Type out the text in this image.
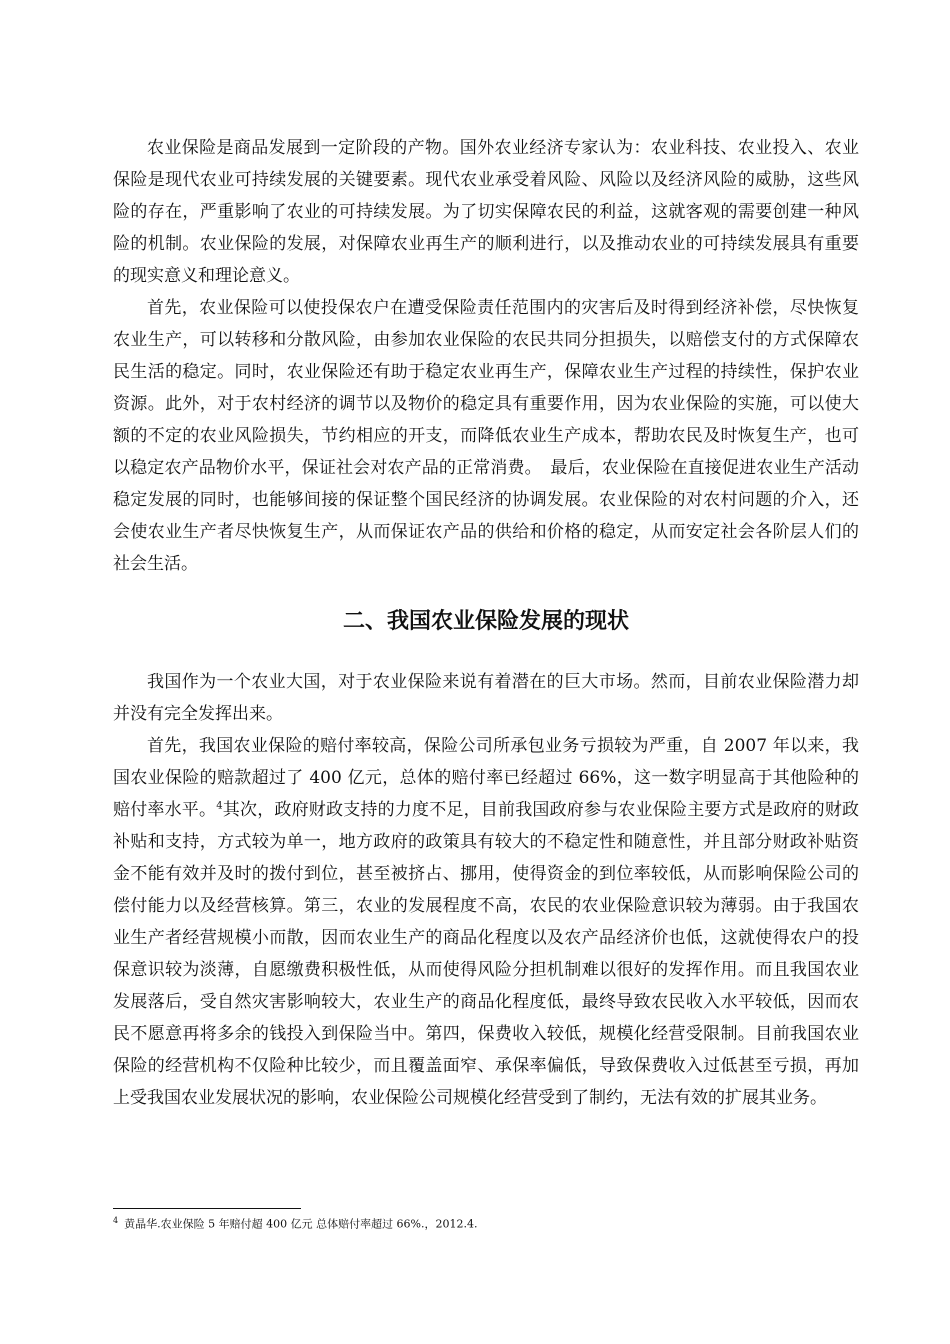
农业保险是商品发展到一定阶段的产物。国外农业经济专家认为：农业科技、农业投入、农业保险是现代农业可持续发展的关键要素。现代农业承受着风险、风险以及经济风险的威胁，这些风险的存在，严重影响了农业的可持续发展。为了切实保障农民的利益，这就客观的需要创建一种风险的机制。农业保险的发展，对保障农业再生产的顺利进行，以及推动农业的可持续发展具有重要的现实意义和理论意义。

首先，农业保险可以使投保农户在遭受保险责任范围内的灾害后及时得到经济补偿，尽快恢复农业生产，可以转移和分散风险，由参加农业保险的农民共同分担损失，以赔偿支付的方式保障农民生活的稳定。同时，农业保险还有助于稳定农业再生产，保障农业生产过程的持续性，保护农业资源。此外，对于农村经济的调节以及物价的稳定具有重要作用，因为农业保险的实施，可以使大额的不定的农业风险损失，节约相应的开支，而降低农业生产成本，帮助农民及时恢复生产，也可以稳定农产品物价水平，保证社会对农产品的正常消费。　最后，农业保险在直接促进农业生产活动稳定发展的同时，也能够间接的保证整个国民经济的协调发展。农业保险的对农村问题的介入，还会使农业生产者尽快恢复生产，从而保证农产品的供给和价格的稳定，从而安定社会各阶层人们的社会生活。

二、我国农业保险发展的现状

我国作为一个农业大国，对于农业保险来说有着潜在的巨大市场。然而，目前农业保险潜力却并没有完全发挥出来。

首先，我国农业保险的赔付率较高，保险公司所承包业务亏损较为严重，自 2007 年以来，我国农业保险的赔款超过了 400 亿元，总体的赔付率已经超过 66%，这一数字明显高于其他险种的赔付率水平。$^4$其次，政府财政支持的力度不足，目前我国政府参与农业保险主要方式是政府的财政补贴和支持，方式较为单一，地方政府的政策具有较大的不稳定性和随意性，并且部分财政补贴资金不能有效并及时的拨付到位，甚至被挤占、挪用，使得资金的到位率较低，从而影响保险公司的偿付能力以及经营核算。第三，农业的发展程度不高，农民的农业保险意识较为薄弱。由于我国农业生产者经营规模小而散，因而农业生产的商品化程度以及农产品经济价也低，这就使得农户的投保意识较为淡薄，自愿缴费积极性低，从而使得风险分担机制难以很好的发挥作用。而且我国农业发展落后，受自然灾害影响较大，农业生产的商品化程度低，最终导致农民收入水平较低，因而农民不愿意再将多余的钱投入到保险当中。第四，保费收入较低，规模化经营受限制。目前我国农业保险的经营机构不仅险种比较少，而且覆盖面窄、承保率偏低，导致保费收入过低甚至亏损，再加上受我国农业发展状况的影响，农业保险公司规模化经营受到了制约，无法有效的扩展其业务。

$^4$ 黄晶华.农业保险 5 年赔付超 400 亿元 总体赔付率超过 66%.，2012.4.
